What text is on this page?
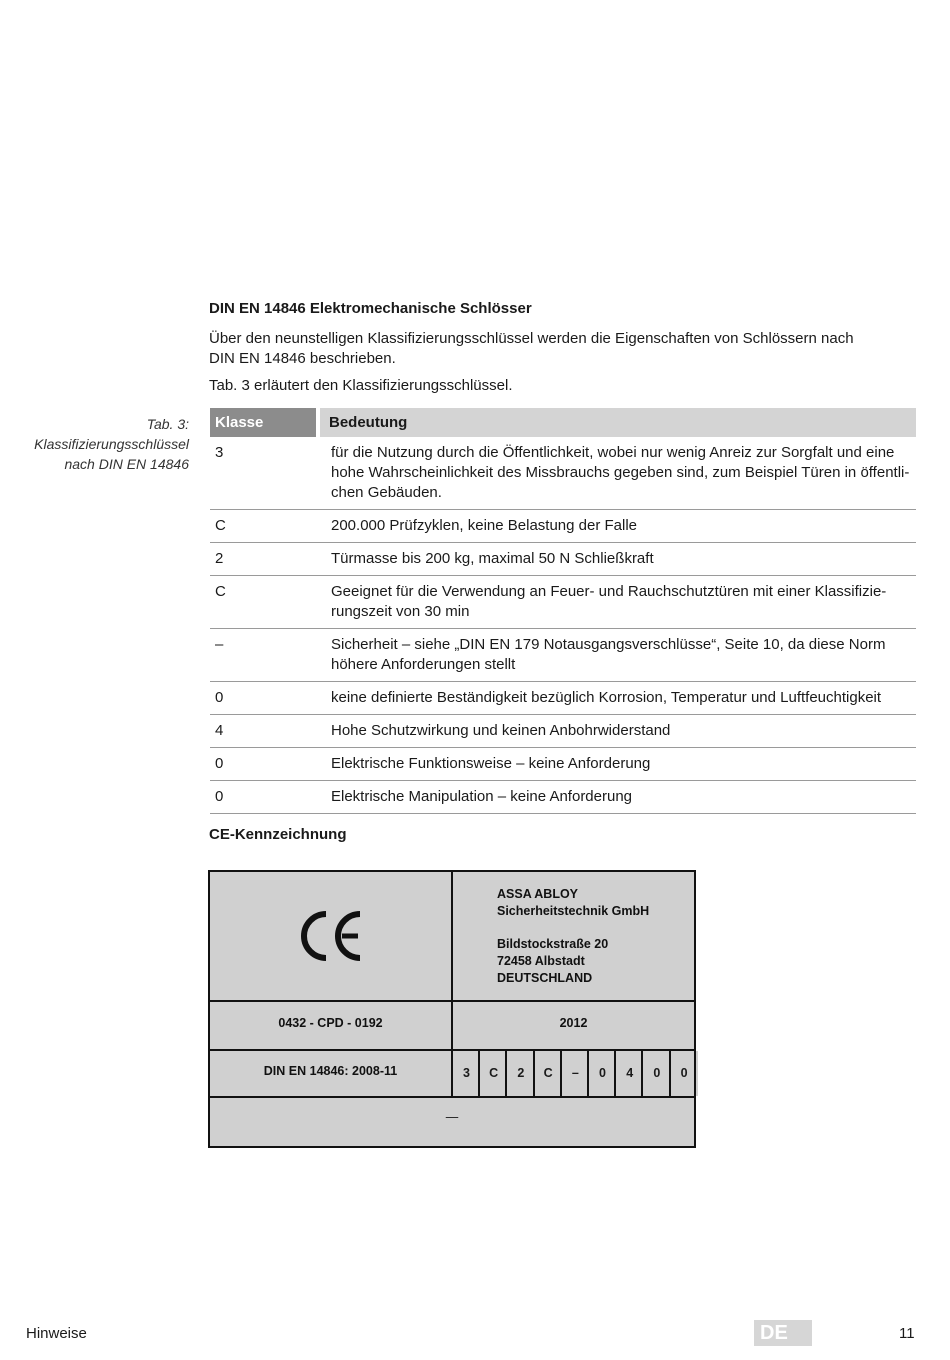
DIN EN 14846 Elektromechanische Schlösser
Über den neunstelligen Klassifizierungsschlüssel werden die Eigenschaften von Schlössern nach
DIN EN 14846 beschrieben.
Tab. 3 erläutert den Klassifizierungsschlüssel.
Tab. 3:
Klassifizierungsschlüssel
nach DIN EN 14846
Klasse	Bedeutung
3	für die Nutzung durch die Öffentlichkeit, wobei nur wenig Anreiz zur Sorgfalt und eine
hohe Wahrscheinlichkeit des Missbrauchs gegeben sind, zum Beispiel Türen in öffentli-
chen Gebäuden.

C	200.000 Prüfzyklen, keine Belastung der Falle

2	Türmasse bis 200 kg, maximal 50 N Schließkraft

C	Geeignet für die Verwendung an Feuer- und Rauchschutztüren mit einer Klassifizie-
rungszeit von 30 min

–	Sicherheit – siehe „DIN EN 179 Notausgangsverschlüsse“, Seite 10, da diese Norm
höhere Anforderungen stellt

0	keine definierte Beständigkeit bezüglich Korrosion, Temperatur und Luftfeuchtigkeit

4	Hohe Schutzwirkung und keinen Anbohrwiderstand

0	Elektrische Funktionsweise – keine Anforderung

0	Elektrische Manipulation – keine Anforderung
CE-Kennzeichnung
ASSA ABLOY
Sicherheitstechnik GmbH
Bildstockstraße 20
72458 Albstadt
DEUTSCHLAND
0432 - CPD - 0192	2012
DIN EN 14846: 2008-11	3	C	2	C	–	0	4	0	0
—
Hinweise	DE	11
